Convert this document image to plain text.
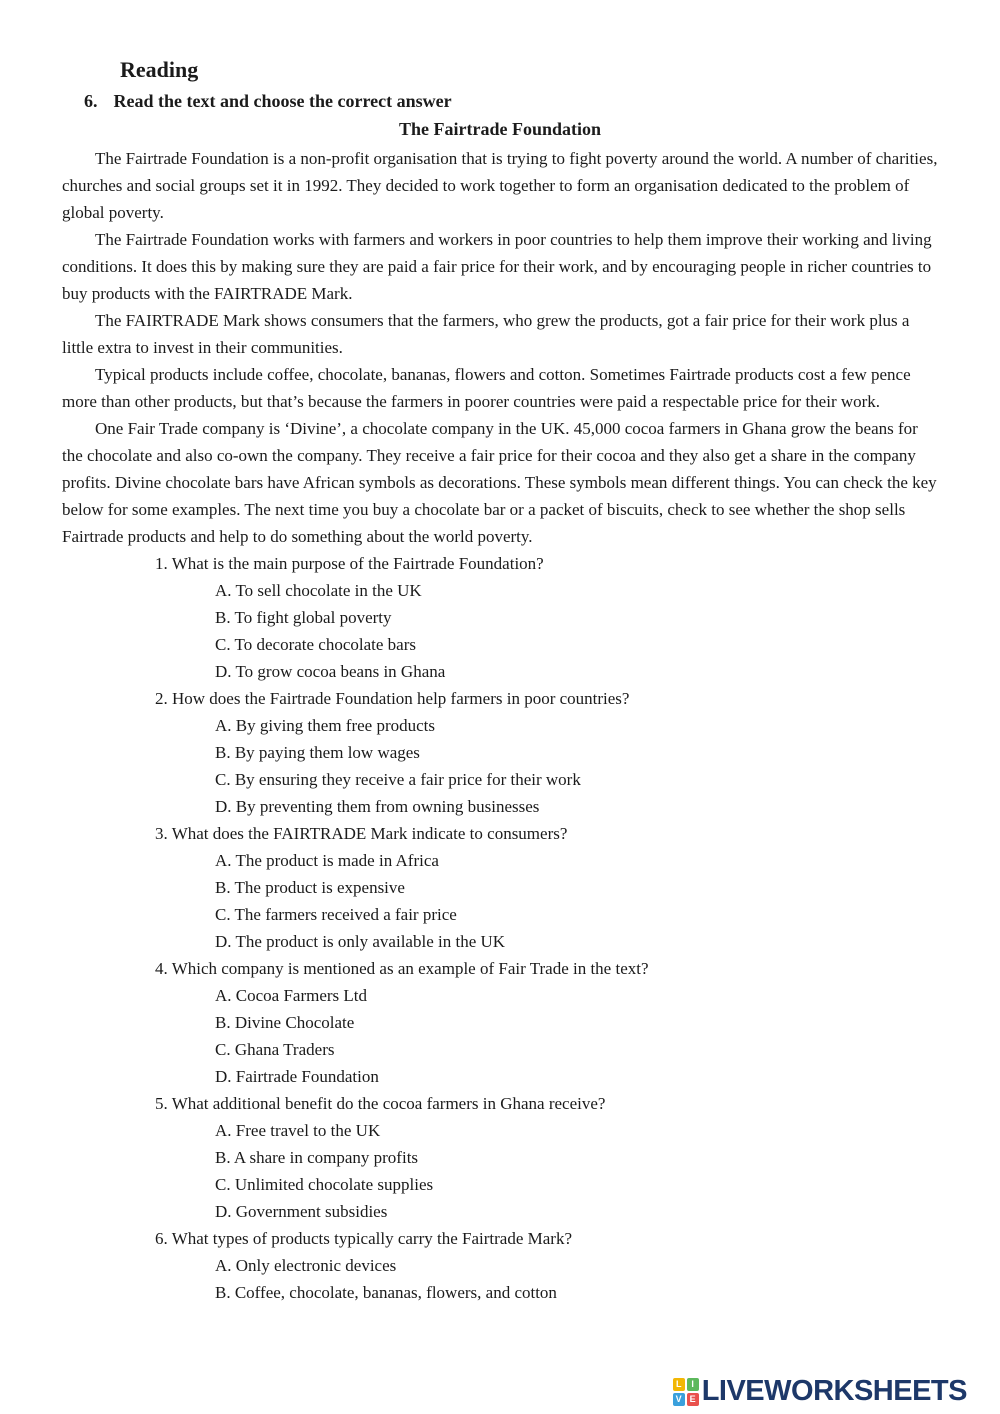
Reading
6. Read the text and choose the correct answer
The Fairtrade Foundation

The Fairtrade Foundation is a non-profit organisation that is trying to fight poverty around the world. A number of charities, churches and social groups set it in 1992. They decided to work together to form an organisation dedicated to the problem of global poverty.

The Fairtrade Foundation works with farmers and workers in poor countries to help them improve their working and living conditions. It does this by making sure they are paid a fair price for their work, and by encouraging people in richer countries to buy products with the FAIRTRADE Mark.

The FAIRTRADE Mark shows consumers that the farmers, who grew the products, got a fair price for their work plus a little extra to invest in their communities.

Typical products include coffee, chocolate, bananas, flowers and cotton. Sometimes Fairtrade products cost a few pence more than other products, but that’s because the farmers in poorer countries were paid a respectable price for their work.

One Fair Trade company is ‘Divine’, a chocolate company in the UK. 45,000 cocoa farmers in Ghana grow the beans for the chocolate and also co-own the company. They receive a fair price for their cocoa and they also get a share in the company profits. Divine chocolate bars have African symbols as decorations. These symbols mean different things. You can check the key below for some examples. The next time you buy a chocolate bar or a packet of biscuits, check to see whether the shop sells Fairtrade products and help to do something about the world poverty.

1. What is the main purpose of the Fairtrade Foundation?
A. To sell chocolate in the UK
B. To fight global poverty
C. To decorate chocolate bars
D. To grow cocoa beans in Ghana
2. How does the Fairtrade Foundation help farmers in poor countries?
A. By giving them free products
B. By paying them low wages
C. By ensuring they receive a fair price for their work
D. By preventing them from owning businesses
3. What does the FAIRTRADE Mark indicate to consumers?
A. The product is made in Africa
B. The product is expensive
C. The farmers received a fair price
D. The product is only available in the UK
4. Which company is mentioned as an example of Fair Trade in the text?
A. Cocoa Farmers Ltd
B. Divine Chocolate
C. Ghana Traders
D. Fairtrade Foundation
5. What additional benefit do the cocoa farmers in Ghana receive?
A. Free travel to the UK
B. A share in company profits
C. Unlimited chocolate supplies
D. Government subsidies
6. What types of products typically carry the Fairtrade Mark?
A. Only electronic devices
B. Coffee, chocolate, bananas, flowers, and cotton
L	I
V E LIVEWORKSHEETS
